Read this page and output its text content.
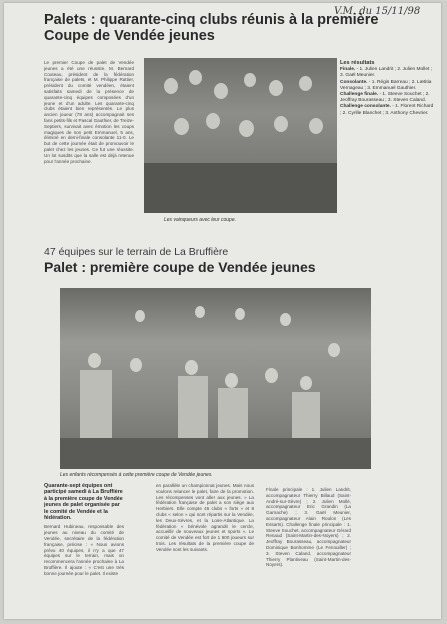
V.M. du 15/11/98
Palets : quarante-cinq clubs réunis à la première Coupe de Vendée jeunes
Le premier Coupe de palet de Vendée jeunes a été une réussite. M. Bernard Couteau, président de la fédération française de palets, et M. Philippe Rattier, président du comité vendéen, étaient satisfaits samedi de la présence de quarante-cinq équipes composées d'un jeune et d'un adulte. Les quarante-cinq clubs étaient bien représentés. Le plus ancien joueur (78 ans) accompagnait ses fans petits-fils et Pascal Gauthier, de Treize-Septiers, survivait avec émotion les coups magiques de son petit Emmanuel, 5 ans, éliminé en demi-finale consolante 11-0. Le but de cette journée était de promouvoir le palet chez les jeunes. Ce fut une réussite. Un lot susdits que la salle est déjà retenue pour l'année prochaine.
Les vainqueurs avec leur coupe.
Les résultats
Finale. - 1. Julien Landrit ; 2. Julien Mollet ; 3. Gaël Meunier.
Consolante. - 1. Régis Barreau ; 2. Lætitia Vernageau ; 3. Emmanuel Gauthier.
Challenge finale. - 1. Steeve Souchet ; 2. Jeoffray Bourasseau ; 3. Steven Caland.
Challenge consolante. - 1. Florent Richard ; 2. Cyrille Blanchet ; 3. Anthony Chevrier.
47 équipes sur le terrain de La Bruffière
Palet : première coupe de Vendée jeunes
Les enfants récompensés à cette première coupe de Vendée jeunes.
Quarante-sept équipes ont participé samedi à La Bruffière à la première coupe de Vendée jeunes de palet organisée par le comité de Vendée et la fédération.
Bernard Hubineau, responsable des jeunes au niveau du comité de Vendée, secrétaire de la fédération française, précise : « Nous avions prévu 40 équipes, il n'y a que 47 équipes sur le terrain, mais on recommencera l'année prochaine à La Bruffière. Il ajoute : « C'est une très bonne journée pour le palet. Il existe
en parallèle un championnat jeunes. Mais nous voulons relancer le palet, faire de la promotion. Les récompenses vont aller aux jeunes. » La fédération française de palet a son siège aux Herbiers. Elle compte 45 clubs « forts » et 8 clubs « selon » qui sont répartis sur la Vendée, les Deux-Sèvres, et la Loire-Atlantique. La fédération « bénévole agrandit le cercle, accueillir de nouveaux jeunes et sports ». Le comité de Vendée est fort de 1 600 joueurs sur trois. Les résultats de la première coupe de Vendée sont les suivants.
Finale principale : 1. Julien Landrit, accompagnateur Thierry Billaud (Saint-André-sur-Sèvre) ; 2. Julien Mollé, accompagnateur Eric Grandin (La Garnache) ; 3. Gaël Meunier, accompagnateur Alain Roulon (Les Essarts). Challenge finale principale : 1. Steeve Souchet, accompagnateur Gérard Renaud (Saint-Martin-des-Noyers) ; 2. Jeoffray Bourasseau, accompagnateur Dominique Bonhomme (Le Fenouiller) ; 3. Steven Caland, accompagnateur Thierry Plantiveau (Saint-Martin-des-Noyers).
